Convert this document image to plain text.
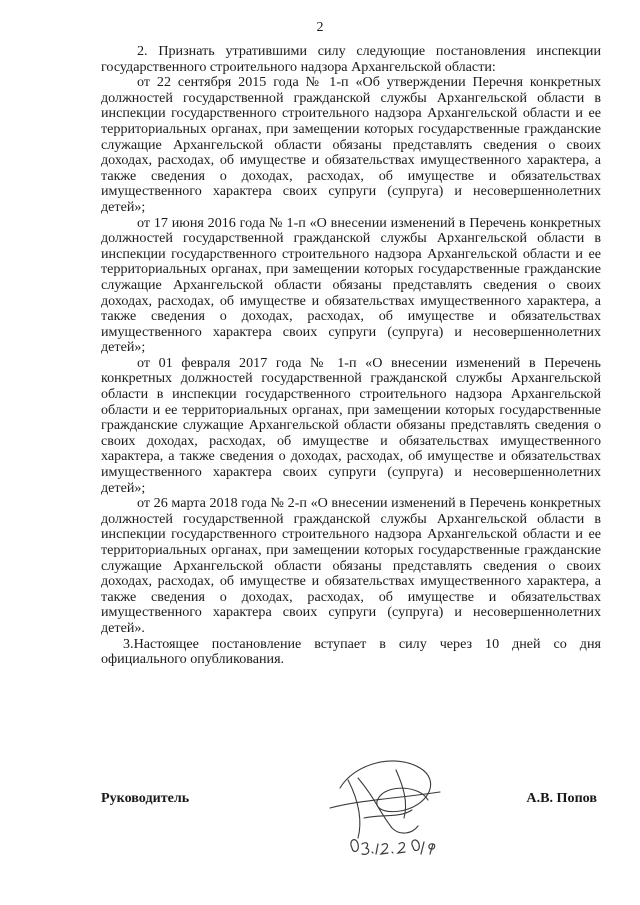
2

2. Признать утратившими силу следующие постановления инспекции государственного строительного надзора Архангельской области:

от 22 сентября 2015 года № 1-п «Об утверждении Перечня конкретных должностей государственной гражданской службы Архангельской области в инспекции государственного строительного надзора Архангельской области и ее территориальных органах, при замещении которых государственные гражданские служащие Архангельской области обязаны представлять сведения о своих доходах, расходах, об имуществе и обязательствах имущественного характера, а также сведения о доходах, расходах, об имуществе и обязательствах имущественного характера своих супруги (супруга) и несовершеннолетних детей»;

от 17 июня 2016 года № 1-п «О внесении изменений в Перечень конкретных должностей государственной гражданской службы Архангельской области в инспекции государственного строительного надзора Архангельской области и ее территориальных органах, при замещении которых государственные гражданские служащие Архангельской области обязаны представлять сведения о своих доходах, расходах, об имуществе и обязательствах имущественного характера, а также сведения о доходах, расходах, об имуществе и обязательствах имущественного характера своих супруги (супруга) и несовершеннолетних детей»;

от 01 февраля 2017 года № 1-п «О внесении изменений в Перечень конкретных должностей государственной гражданской службы Архангельской области в инспекции государственного строительного надзора Архангельской области и ее территориальных органах, при замещении которых государственные гражданские служащие Архангельской области обязаны представлять сведения о своих доходах, расходах, об имуществе и обязательствах имущественного характера, а также сведения о доходах, расходах, об имуществе и обязательствах имущественного характера своих супруги (супруга) и несовершеннолетних детей»;

от 26 марта 2018 года № 2-п «О внесении изменений в Перечень конкретных должностей государственной гражданской службы Архангельской области в инспекции государственного строительного надзора Архангельской области и ее территориальных органах, при замещении которых государственные гражданские служащие Архангельской области обязаны представлять сведения о своих доходах, расходах, об имуществе и обязательствах имущественного характера, а также сведения о доходах, расходах, об имуществе и обязательствах имущественного характера своих супруги (супруга) и несовершеннолетних детей».

3.Настоящее постановление вступает в силу через 10 дней со дня официального опубликования.

Руководитель	А.В. Попов
